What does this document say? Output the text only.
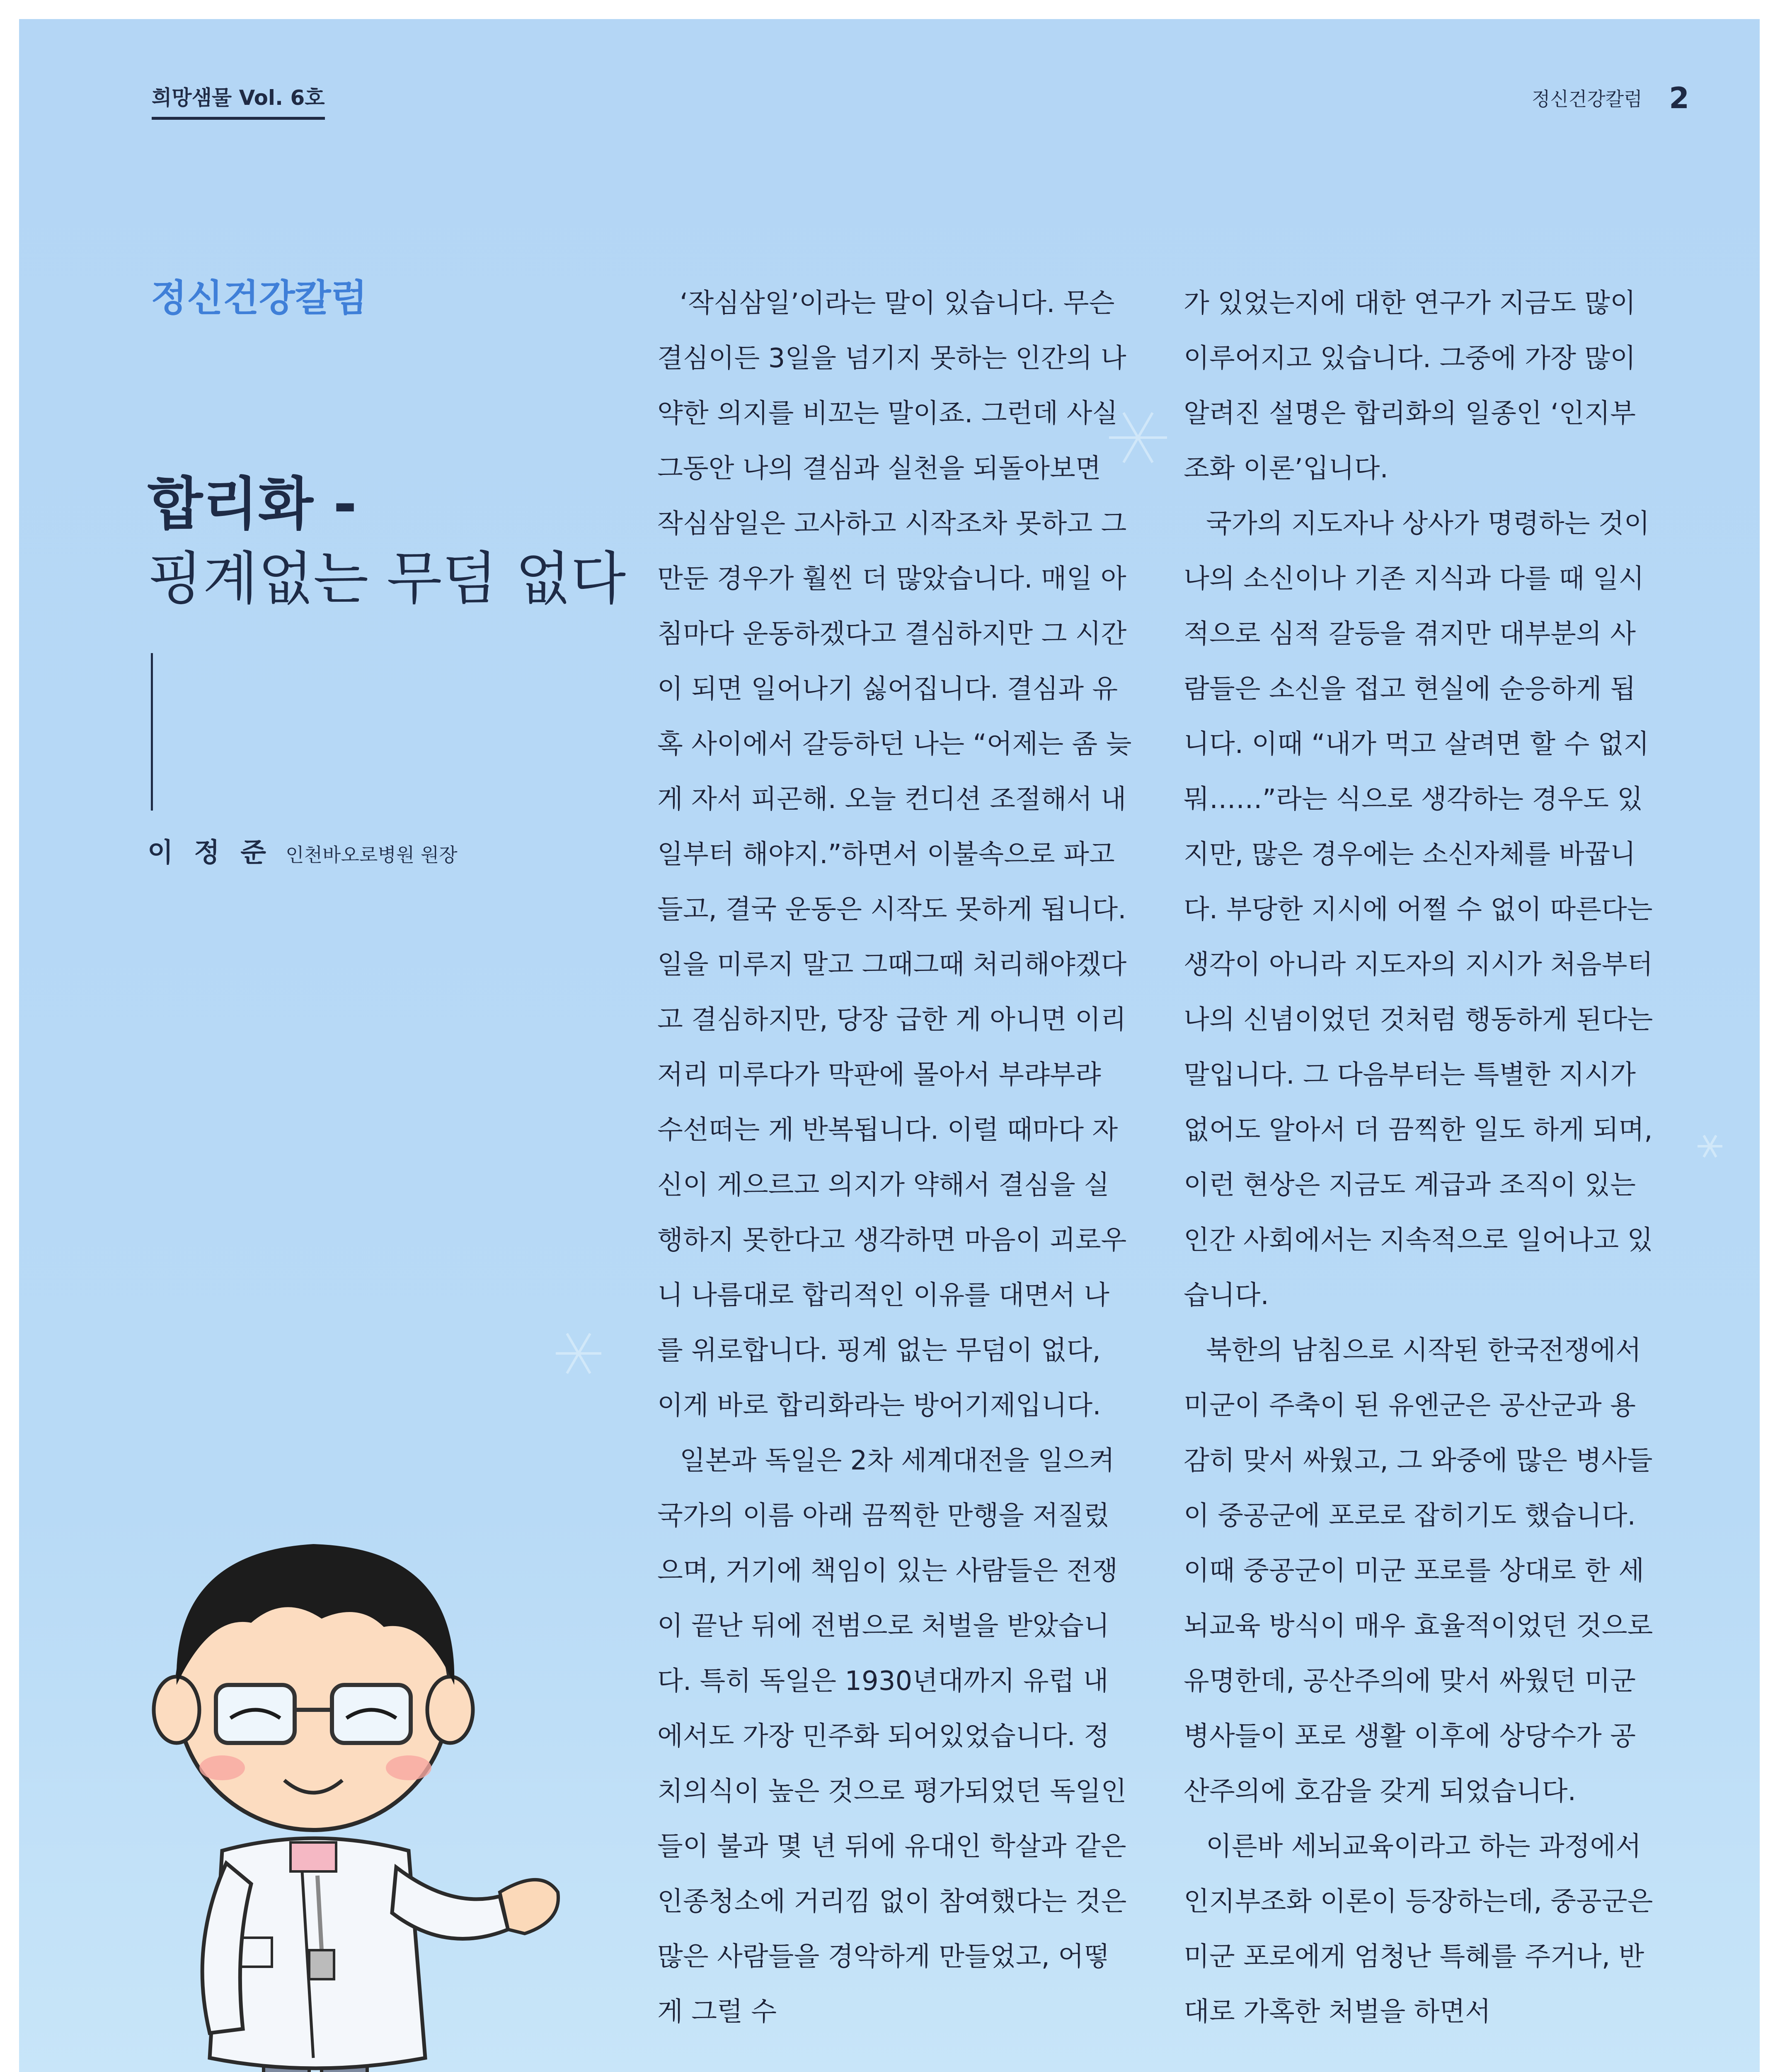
희망샘물 Vol. 6호	정신건강칼럼 2
정신건강칼럼
합리화 -
핑계없는 무덤 없다
이 정 준 인천바오로병원 원장

‘작심삼일’이라는 말이 있습니다. 무슨 결심이든 3일을 넘기지 못하는 인간의 나약한 의지를 비꼬는 말이죠. 그런데 사실 그동안 나의 결심과 실천을 되돌아보면 작심삼일은 고사하고 시작조차 못하고 그만둔 경우가 훨씬 더 많았습니다. 매일 아침마다 운동하겠다고 결심하지만 그 시간이 되면 일어나기 싫어집니다. 결심과 유혹 사이에서 갈등하던 나는 “어제는 좀 늦게 자서 피곤해. 오늘 컨디션 조절해서 내일부터 해야지.”하면서 이불속으로 파고들고, 결국 운동은 시작도 못하게 됩니다. 일을 미루지 말고 그때그때 처리해야겠다고 결심하지만, 당장 급한 게 아니면 이리저리 미루다가 막판에 몰아서 부랴부랴 수선떠는 게 반복됩니다. 이럴 때마다 자신이 게으르고 의지가 약해서 결심을 실행하지 못한다고 생각하면 마음이 괴로우니 나름대로 합리적인 이유를 대면서 나를 위로합니다. 핑계 없는 무덤이 없다, 이게 바로 합리화라는 방어기제입니다.

일본과 독일은 2차 세계대전을 일으켜 국가의 이름 아래 끔찍한 만행을 저질렀으며, 거기에 책임이 있는 사람들은 전쟁이 끝난 뒤에 전범으로 처벌을 받았습니다. 특히 독일은 1930년대까지 유럽 내에서도 가장 민주화 되어있었습니다. 정치의식이 높은 것으로 평가되었던 독일인들이 불과 몇 년 뒤에 유대인 학살과 같은 인종청소에 거리낌 없이 참여했다는 것은 많은 사람들을 경악하게 만들었고, 어떻게 그럴 수

가 있었는지에 대한 연구가 지금도 많이 이루어지고 있습니다. 그중에 가장 많이 알려진 설명은 합리화의 일종인 ‘인지부조화 이론’입니다.

국가의 지도자나 상사가 명령하는 것이 나의 소신이나 기존 지식과 다를 때 일시적으로 심적 갈등을 겪지만 대부분의 사람들은 소신을 접고 현실에 순응하게 됩니다. 이때 “내가 먹고 살려면 할 수 없지 뭐……”라는 식으로 생각하는 경우도 있지만, 많은 경우에는 소신자체를 바꿉니다. 부당한 지시에 어쩔 수 없이 따른다는 생각이 아니라 지도자의 지시가 처음부터 나의 신념이었던 것처럼 행동하게 된다는 말입니다. 그 다음부터는 특별한 지시가 없어도 알아서 더 끔찍한 일도 하게 되며, 이런 현상은 지금도 계급과 조직이 있는 인간 사회에서는 지속적으로 일어나고 있습니다.

북한의 남침으로 시작된 한국전쟁에서 미군이 주축이 된 유엔군은 공산군과 용감히 맞서 싸웠고, 그 와중에 많은 병사들이 중공군에 포로로 잡히기도 했습니다. 이때 중공군이 미군 포로를 상대로 한 세뇌교육 방식이 매우 효율적이었던 것으로 유명한데, 공산주의에 맞서 싸웠던 미군 병사들이 포로 생활 이후에 상당수가 공산주의에 호감을 갖게 되었습니다.

이른바 세뇌교육이라고 하는 과정에서 인지부조화 이론이 등장하는데, 중공군은 미군 포로에게 엄청난 특혜를 주거나, 반대로 가혹한 처벌을 하면서
